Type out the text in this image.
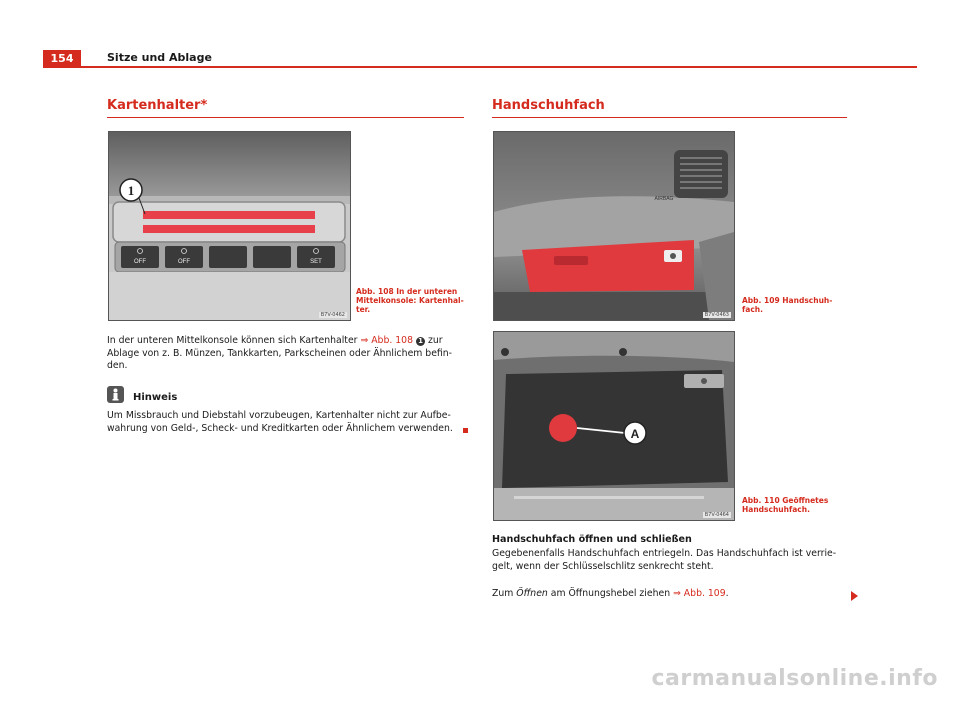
154	Sitze und Ablage
Kartenhalter*
OFF	OFF	SET
1
B7V-0462
Abb. 108 In der unteren
Mittelkonsole: Kartenhal-
ter.
In der unteren Mittelkonsole können sich Kartenhalter ⇒ Abb. 108 1 zur
Ablage von z. B. Münzen, Tankkarten, Parkscheinen oder Ähnlichem befin-
den.
Hinweis
Um Missbrauch und Diebstahl vorzubeugen, Kartenhalter nicht zur Aufbe-
wahrung von Geld-, Scheck- und Kreditkarten oder Ähnlichem verwenden.
Handschuhfach
AIRBAG
B7V-0463
Abb. 109 Handschuh-
fach.
A
B7V-0464
Abb. 110 Geöffnetes
Handschuhfach.
Handschuhfach öffnen und schließen
Gegebenenfalls Handschuhfach entriegeln. Das Handschuhfach ist verrie-
gelt, wenn der Schlüsselschlitz senkrecht steht.
Zum Öffnen am Öffnungshebel ziehen ⇒ Abb. 109.
carmanualsonline.info
